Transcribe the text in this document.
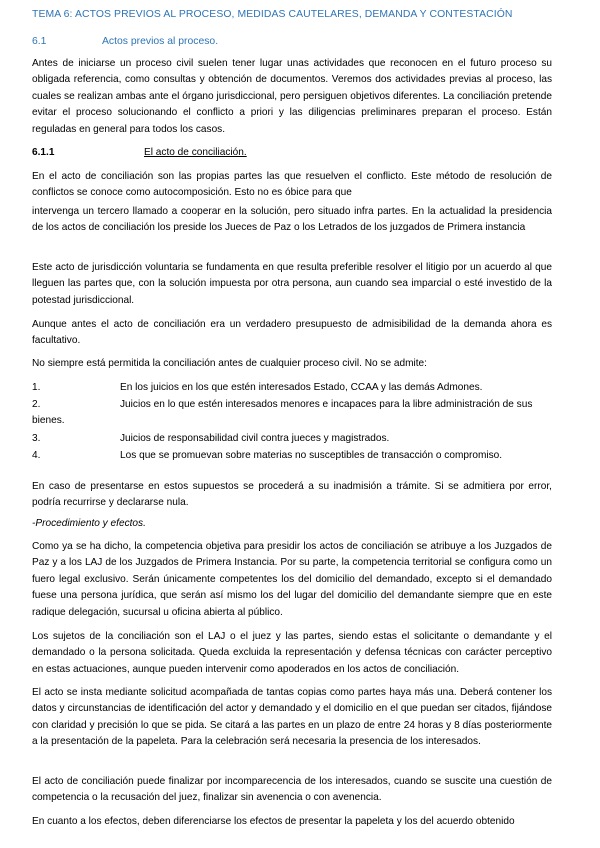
TEMA 6: ACTOS PREVIOS AL PROCESO, MEDIDAS CAUTELARES, DEMANDA Y CONTESTACIÓN
6.1	Actos previos al proceso.
Antes de iniciarse un proceso civil suelen tener lugar unas actividades que reconocen en el futuro proceso su obligada referencia, como consultas y obtención de documentos. Veremos dos actividades previas al proceso, las cuales se realizan ambas ante el órgano jurisdiccional, pero persiguen objetivos diferentes. La conciliación pretende evitar el proceso solucionando el conflicto a priori y las diligencias preliminares preparan el proceso. Están reguladas en general para todos los casos.
6.1.1	El acto de conciliación.
En el acto de conciliación son las propias partes las que resuelven el conflicto. Este método de resolución de conflictos se conoce como autocomposición. Esto no es óbice para que
intervenga un tercero llamado a cooperar en la solución, pero situado infra partes. En la actualidad la presidencia de los actos de conciliación los preside los Jueces de Paz o los Letrados de los juzgados de Primera instancia
Este acto de jurisdicción voluntaria se fundamenta en que resulta preferible resolver el litigio por un acuerdo al que lleguen las partes que, con la solución impuesta por otra persona, aun cuando sea imparcial o esté investido de la potestad jurisdiccional.
Aunque antes el acto de conciliación era un verdadero presupuesto de admisibilidad de la demanda ahora es facultativo.
No siempre está permitida la conciliación antes de cualquier proceso civil. No se admite:
1.	En los juicios en los que estén interesados Estado, CCAA y las demás Admones.
2.	Juicios en lo que estén interesados menores e incapaces para la libre administración de sus bienes.
3.	Juicios de responsabilidad civil contra jueces y magistrados.
4.	Los que se promuevan sobre materias no susceptibles de transacción o compromiso.
En caso de presentarse en estos supuestos se procederá a su inadmisión a trámite. Si se admitiera por error, podría recurrirse y declararse nula.
-Procedimiento y efectos.
Como ya se ha dicho, la competencia objetiva para presidir los actos de conciliación se atribuye a los Juzgados de Paz y a los LAJ de los Juzgados de Primera Instancia. Por su parte, la competencia territorial se configura como un fuero legal exclusivo. Serán únicamente competentes los del domicilio del demandado, excepto si el demandado fuese una persona jurídica, que serán así mismo los del lugar del domicilio del demandante siempre que en este radique delegación, sucursal u oficina abierta al público.
Los sujetos de la conciliación son el LAJ o el juez y las partes, siendo estas el solicitante o demandante y el demandado o la persona solicitada. Queda excluida la representación y defensa técnicas con carácter perceptivo en estas actuaciones, aunque pueden intervenir como apoderados en los actos de conciliación.
El acto se insta mediante solicitud acompañada de tantas copias como partes haya más una. Deberá contener los datos y circunstancias de identificación del actor y demandado y el domicilio en el que puedan ser citados, fijándose con claridad y precisión lo que se pida. Se citará a las partes en un plazo de entre 24 horas y 8 días posteriormente a la presentación de la papeleta. Para la celebración será necesaria la presencia de los interesados.
El acto de conciliación puede finalizar por incomparecencia de los interesados, cuando se suscite una cuestión de competencia o la recusación del juez, finalizar sin avenencia o con avenencia.
En cuanto a los efectos, deben diferenciarse los efectos de presentar la papeleta y los del acuerdo obtenido
